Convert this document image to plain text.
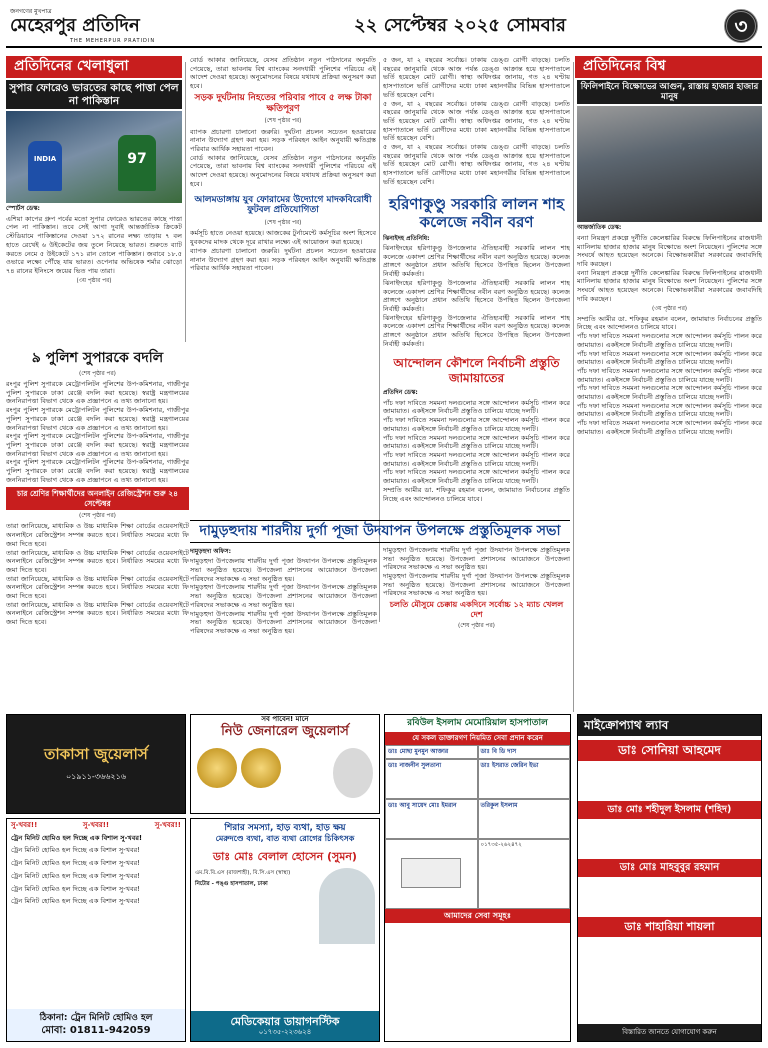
জনগণের মুখপাত্র
মেহেরপুর প্রতিদিন
THE MEHERPUR PRATIDIN
২২ সেপ্টেম্বর ২০২৫ সোমবার	৩
প্রতিদিনের খেলাধুলা	প্রতিদিনের বিশ্ব
সুপার ফোরেও ভারতের কাছে পাত্তা পেল না পাকিস্তান
INDIA	97
স্পোর্টস ডেস্ক:
এশিয়া কাপের গ্রুপ পর্বের মতো সুপার ফোরেও ভারতের কাছে পাত্তা পেল না পাকিস্তান। তবে সেই আগা দুবাই আন্তর্জাতিক ক্রিকেট স্টেডিয়ামে পাকিস্তানের দেওয়া ১৭২ রানের লক্ষ্য তাড়ায় ৭ বল হাতে রেখেই ৬ উইকেটের জয় তুলে নিয়েছে ভারত। শুরুতে ব্যাট করতে নেমে ৫ উইকেটে ১৭১ রান তোলে পাকিস্তান। জবাবে ১৮.৫ ওভারে লক্ষ্যে পৌঁছে যায় ভারত। ওপেনার অভিষেক শর্মার ঝোড়ো ৭৪ রানের ইনিংসে জয়ের ভিত পায় তারা।
(৩য় পৃষ্ঠার পর)
বোর্ড আকার জানিয়েছে, যেসব প্রতিষ্ঠান নতুন পাঠদানের অনুমতি পেয়েছে, তারা ভাবনায় বিশ্ব ব্যাংকের সনদধারী পুলিশের পরিচয়ে এই আদেশ দেওয়া হয়েছে। অনুমোদনের বিষয়ে যথাযথ প্রক্রিয়া অনুসরণ করা হবে।
সড়ক দুর্ঘটনায় নিহতের পরিবার পাবে ৫ লক্ষ টাকা ক্ষতিপূরণ
(শেষ পৃষ্ঠার পর)
ব্যাপক প্রচারণা চালানো জরুরি। দুর্ঘটনা প্রচলন সচেতন হওয়ায়ের নানান উদ্যোগ গ্রহণ করা হয়। সড়ক পরিবহন আইন অনুযায়ী ক্ষতিগ্রস্ত পরিবার আর্থিক সহায়তা পাবেন।
বোর্ড আকার জানিয়েছে, যেসব প্রতিষ্ঠান নতুন পাঠদানের অনুমতি পেয়েছে, তারা ভাবনায় বিশ্ব ব্যাংকের সনদধারী পুলিশের পরিচয়ে এই আদেশ দেওয়া হয়েছে। অনুমোদনের বিষয়ে যথাযথ প্রক্রিয়া অনুসরণ করা হবে।
আলমডাঙ্গায় যুব ফোরামের উদ্যোগে মাদকবিরোধী ফুটবল প্রতিযোগিতা
(শেষ পৃষ্ঠার পর)
কর্মসূচি হাতে নেওয়া হয়েছে। আজকের টুর্নামেন্টে কর্মসূচির অংশ হিসেবে যুবকদের মাদক থেকে দূরে রাখার লক্ষ্যে এই আয়োজন করা হয়েছে।
ব্যাপক প্রচারণা চালানো জরুরি। দুর্ঘটনা প্রচলন সচেতন হওয়ায়ের নানান উদ্যোগ গ্রহণ করা হয়। সড়ক পরিবহন আইন অনুযায়ী ক্ষতিগ্রস্ত পরিবার আর্থিক সহায়তা পাবেন।
৫ জন, যা ২ বছরের সর্বোচ্চ। ঢাকায় ডেঙ্গু রোগী বাড়ছে। চলতি বছরের জানুয়ারি থেকে আজ পর্যন্ত ডেঙ্গু আক্রান্ত হয়ে হাসপাতালে ভর্তি হয়েছেন মোট রোগী। স্বাস্থ্য অধিদপ্তর জানায়, গত ২৪ ঘণ্টায় হাসপাতালে ভর্তি রোগীদের মধ্যে ঢাকা মহানগরীর বিভিন্ন হাসপাতালে ভর্তি হয়েছেন বেশি।
৫ জন, যা ২ বছরের সর্বোচ্চ। ঢাকায় ডেঙ্গু রোগী বাড়ছে। চলতি বছরের জানুয়ারি থেকে আজ পর্যন্ত ডেঙ্গু আক্রান্ত হয়ে হাসপাতালে ভর্তি হয়েছেন মোট রোগী। স্বাস্থ্য অধিদপ্তর জানায়, গত ২৪ ঘণ্টায় হাসপাতালে ভর্তি রোগীদের মধ্যে ঢাকা মহানগরীর বিভিন্ন হাসপাতালে ভর্তি হয়েছেন বেশি।
৫ জন, যা ২ বছরের সর্বোচ্চ। ঢাকায় ডেঙ্গু রোগী বাড়ছে। চলতি বছরের জানুয়ারি থেকে আজ পর্যন্ত ডেঙ্গু আক্রান্ত হয়ে হাসপাতালে ভর্তি হয়েছেন মোট রোগী। স্বাস্থ্য অধিদপ্তর জানায়, গত ২৪ ঘণ্টায় হাসপাতালে ভর্তি রোগীদের মধ্যে ঢাকা মহানগরীর বিভিন্ন হাসপাতালে ভর্তি হয়েছেন বেশি।
হরিণাকুণ্ডু সরকারি লালন শাহ কলেজে নবীন বরণ
ঝিনাইদহ প্রতিনিধি:
ঝিনাইদহের হরিণাকুণ্ডু উপজেলার ঐতিহ্যবাহী সরকারি লালন শাহ কলেজে একাদশ শ্রেণির শিক্ষার্থীদের নবীন বরণ অনুষ্ঠিত হয়েছে। কলেজ প্রাঙ্গণে অনুষ্ঠানে প্রধান অতিথি হিসেবে উপস্থিত ছিলেন উপজেলা নির্বাহী কর্মকর্তা।
ঝিনাইদহের হরিণাকুণ্ডু উপজেলার ঐতিহ্যবাহী সরকারি লালন শাহ কলেজে একাদশ শ্রেণির শিক্ষার্থীদের নবীন বরণ অনুষ্ঠিত হয়েছে। কলেজ প্রাঙ্গণে অনুষ্ঠানে প্রধান অতিথি হিসেবে উপস্থিত ছিলেন উপজেলা নির্বাহী কর্মকর্তা।
ঝিনাইদহের হরিণাকুণ্ডু উপজেলার ঐতিহ্যবাহী সরকারি লালন শাহ কলেজে একাদশ শ্রেণির শিক্ষার্থীদের নবীন বরণ অনুষ্ঠিত হয়েছে। কলেজ প্রাঙ্গণে অনুষ্ঠানে প্রধান অতিথি হিসেবে উপস্থিত ছিলেন উপজেলা নির্বাহী কর্মকর্তা।
আন্দোলন কৌশলে নির্বাচনী প্রস্তুতি জামায়াতের
প্রতিদিন ডেস্ক:
পাঁচ দফা দাবিতে সমমনা দলগুলোর সঙ্গে আন্দোলন কর্মসূচি পালন করে জামায়াত। একইসঙ্গে নির্বাচনী প্রস্তুতিও চালিয়ে যাচ্ছে দলটি।
পাঁচ দফা দাবিতে সমমনা দলগুলোর সঙ্গে আন্দোলন কর্মসূচি পালন করে জামায়াত। একইসঙ্গে নির্বাচনী প্রস্তুতিও চালিয়ে যাচ্ছে দলটি।
পাঁচ দফা দাবিতে সমমনা দলগুলোর সঙ্গে আন্দোলন কর্মসূচি পালন করে জামায়াত। একইসঙ্গে নির্বাচনী প্রস্তুতিও চালিয়ে যাচ্ছে দলটি।
পাঁচ দফা দাবিতে সমমনা দলগুলোর সঙ্গে আন্দোলন কর্মসূচি পালন করে জামায়াত। একইসঙ্গে নির্বাচনী প্রস্তুতিও চালিয়ে যাচ্ছে দলটি।
পাঁচ দফা দাবিতে সমমনা দলগুলোর সঙ্গে আন্দোলন কর্মসূচি পালন করে জামায়াত। একইসঙ্গে নির্বাচনী প্রস্তুতিও চালিয়ে যাচ্ছে দলটি।
সম্প্রতি আমীর ডা. শফিকুর রহমান বলেন, জামায়াত নির্বাচনের প্রস্তুতি নিচ্ছে এবং আন্দোলনও চালিয়ে যাবে।
ফিলিপাইনে বিক্ষোভের আগুন, রাস্তায় হাজার হাজার মানুষ
আন্তর্জাতিক ডেস্ক:
বন্যা নিয়ন্ত্রণ প্রকল্পে দুর্নীতি কেলেঙ্কারির বিরুদ্ধে ফিলিপাইনের রাজধানী ম্যানিলায় হাজার হাজার মানুষ বিক্ষোভে অংশ নিয়েছেন। পুলিশের সঙ্গে সংঘর্ষে আহত হয়েছেন অনেকে। বিক্ষোভকারীরা সরকারের জবাবদিহি দাবি করছেন।
বন্যা নিয়ন্ত্রণ প্রকল্পে দুর্নীতি কেলেঙ্কারির বিরুদ্ধে ফিলিপাইনের রাজধানী ম্যানিলায় হাজার হাজার মানুষ বিক্ষোভে অংশ নিয়েছেন। পুলিশের সঙ্গে সংঘর্ষে আহত হয়েছেন অনেকে। বিক্ষোভকারীরা সরকারের জবাবদিহি দাবি করছেন।
(৩য় পৃষ্ঠার পর)
সম্প্রতি আমীর ডা. শফিকুর রহমান বলেন, জামায়াত নির্বাচনের প্রস্তুতি নিচ্ছে এবং আন্দোলনও চালিয়ে যাবে।
পাঁচ দফা দাবিতে সমমনা দলগুলোর সঙ্গে আন্দোলন কর্মসূচি পালন করে জামায়াত। একইসঙ্গে নির্বাচনী প্রস্তুতিও চালিয়ে যাচ্ছে দলটি।
পাঁচ দফা দাবিতে সমমনা দলগুলোর সঙ্গে আন্দোলন কর্মসূচি পালন করে জামায়াত। একইসঙ্গে নির্বাচনী প্রস্তুতিও চালিয়ে যাচ্ছে দলটি।
পাঁচ দফা দাবিতে সমমনা দলগুলোর সঙ্গে আন্দোলন কর্মসূচি পালন করে জামায়াত। একইসঙ্গে নির্বাচনী প্রস্তুতিও চালিয়ে যাচ্ছে দলটি।
পাঁচ দফা দাবিতে সমমনা দলগুলোর সঙ্গে আন্দোলন কর্মসূচি পালন করে জামায়াত। একইসঙ্গে নির্বাচনী প্রস্তুতিও চালিয়ে যাচ্ছে দলটি।
পাঁচ দফা দাবিতে সমমনা দলগুলোর সঙ্গে আন্দোলন কর্মসূচি পালন করে জামায়াত। একইসঙ্গে নির্বাচনী প্রস্তুতিও চালিয়ে যাচ্ছে দলটি।
পাঁচ দফা দাবিতে সমমনা দলগুলোর সঙ্গে আন্দোলন কর্মসূচি পালন করে জামায়াত। একইসঙ্গে নির্বাচনী প্রস্তুতিও চালিয়ে যাচ্ছে দলটি।
৯ পুলিশ সুপারকে বদলি
(শেষ পৃষ্ঠার পর)
রংপুর পুলিশ সুপারকে মেট্রোপলিটন পুলিশের উপ-কমিশনার, গাজীপুর পুলিশ সুপারকে ঢাকা রেঞ্জে বদলি করা হয়েছে। স্বরাষ্ট্র মন্ত্রণালয়ের জননিরাপত্তা বিভাগ থেকে এক প্রজ্ঞাপনে এ তথ্য জানানো হয়।
রংপুর পুলিশ সুপারকে মেট্রোপলিটন পুলিশের উপ-কমিশনার, গাজীপুর পুলিশ সুপারকে ঢাকা রেঞ্জে বদলি করা হয়েছে। স্বরাষ্ট্র মন্ত্রণালয়ের জননিরাপত্তা বিভাগ থেকে এক প্রজ্ঞাপনে এ তথ্য জানানো হয়।
রংপুর পুলিশ সুপারকে মেট্রোপলিটন পুলিশের উপ-কমিশনার, গাজীপুর পুলিশ সুপারকে ঢাকা রেঞ্জে বদলি করা হয়েছে। স্বরাষ্ট্র মন্ত্রণালয়ের জননিরাপত্তা বিভাগ থেকে এক প্রজ্ঞাপনে এ তথ্য জানানো হয়।
রংপুর পুলিশ সুপারকে মেট্রোপলিটন পুলিশের উপ-কমিশনার, গাজীপুর পুলিশ সুপারকে ঢাকা রেঞ্জে বদলি করা হয়েছে। স্বরাষ্ট্র মন্ত্রণালয়ের জননিরাপত্তা বিভাগ থেকে এক প্রজ্ঞাপনে এ তথ্য জানানো হয়।
চার শ্রেণির শিক্ষার্থীদের অনলাইন রেজিস্ট্রেশন শুরু ২৪ সেপ্টেম্বর
(শেষ পৃষ্ঠার পর)
তারা জানিয়েছে, মাধ্যমিক ও উচ্চ মাধ্যমিক শিক্ষা বোর্ডের ওয়েবসাইটে অনলাইনে রেজিস্ট্রেশন সম্পন্ন করতে হবে। নির্ধারিত সময়ের মধ্যে ফি জমা দিতে হবে।
তারা জানিয়েছে, মাধ্যমিক ও উচ্চ মাধ্যমিক শিক্ষা বোর্ডের ওয়েবসাইটে অনলাইনে রেজিস্ট্রেশন সম্পন্ন করতে হবে। নির্ধারিত সময়ের মধ্যে ফি জমা দিতে হবে।
তারা জানিয়েছে, মাধ্যমিক ও উচ্চ মাধ্যমিক শিক্ষা বোর্ডের ওয়েবসাইটে অনলাইনে রেজিস্ট্রেশন সম্পন্ন করতে হবে। নির্ধারিত সময়ের মধ্যে ফি জমা দিতে হবে।
তারা জানিয়েছে, মাধ্যমিক ও উচ্চ মাধ্যমিক শিক্ষা বোর্ডের ওয়েবসাইটে অনলাইনে রেজিস্ট্রেশন সম্পন্ন করতে হবে। নির্ধারিত সময়ের মধ্যে ফি জমা দিতে হবে।
দামুড়হুদায় শারদীয় দুর্গা পূজা উদযাপন উপলক্ষে প্রস্তুতিমূলক সভা
দামুড়হুদা অফিস:
দামুড়হুদা উপজেলায় শারদীয় দুর্গা পূজা উদযাপন উপলক্ষে প্রস্তুতিমূলক সভা অনুষ্ঠিত হয়েছে। উপজেলা প্রশাসনের আয়োজনে উপজেলা পরিষদের সভাকক্ষে এ সভা অনুষ্ঠিত হয়।
দামুড়হুদা উপজেলায় শারদীয় দুর্গা পূজা উদযাপন উপলক্ষে প্রস্তুতিমূলক সভা অনুষ্ঠিত হয়েছে। উপজেলা প্রশাসনের আয়োজনে উপজেলা পরিষদের সভাকক্ষে এ সভা অনুষ্ঠিত হয়।
দামুড়হুদা উপজেলায় শারদীয় দুর্গা পূজা উদযাপন উপলক্ষে প্রস্তুতিমূলক সভা অনুষ্ঠিত হয়েছে। উপজেলা প্রশাসনের আয়োজনে উপজেলা পরিষদের সভাকক্ষে এ সভা অনুষ্ঠিত হয়।
দামুড়হুদা উপজেলায় শারদীয় দুর্গা পূজা উদযাপন উপলক্ষে প্রস্তুতিমূলক সভা অনুষ্ঠিত হয়েছে। উপজেলা প্রশাসনের আয়োজনে উপজেলা পরিষদের সভাকক্ষে এ সভা অনুষ্ঠিত হয়।
দামুড়হুদা উপজেলায় শারদীয় দুর্গা পূজা উদযাপন উপলক্ষে প্রস্তুতিমূলক সভা অনুষ্ঠিত হয়েছে। উপজেলা প্রশাসনের আয়োজনে উপজেলা পরিষদের সভাকক্ষে এ সভা অনুষ্ঠিত হয়।
চলতি মৌসুমে চেক্কায় একদিনে সর্বোচ্চ ১২ ম্যাচ খেলল দেশ
(শেষ পৃষ্ঠার পর)
তাকাসা জুয়েলার্স
০১৯১১-৩৬৬২১৬
সব পাবেন! মানে
নিউ জেনারেল জুয়েলার্স
সু-খবর!!	সু-খবর!!	সু-খবর!!
ট্রেন মিনিট হোমিও হল দিচ্ছে এক বিশাল সু-খবর!
ট্রেন মিনিট হোমিও হল দিচ্ছে এক বিশাল সু-খবর!
ট্রেন মিনিট হোমিও হল দিচ্ছে এক বিশাল সু-খবর!
ট্রেন মিনিট হোমিও হল দিচ্ছে এক বিশাল সু-খবর!
ট্রেন মিনিট হোমিও হল দিচ্ছে এক বিশাল সু-খবর!
ট্রেন মিনিট হোমিও হল দিচ্ছে এক বিশাল সু-খবর!
ঠিকানা: ট্রেন মিনিট হোমিও হল
মোবা: 01811-942059
শিরার সমস্যা, হাড় ব্যথা, হাড় ক্ষয়
মেরুদণ্ডে ব্যথা, বাত ব্যথা রোগের চিকিৎসক
ডাঃ মোঃ বেলাল হোসেন (সুমন)
এম.বি.বি.এস (রাজশাহী), বি.সি.এস (স্বাস্থ্য)
নিটোর - পঙ্গু হাসপাতাল, ঢাকা
মেডিকেয়ার ডায়াগনস্টিক
০১৭৩৫-২২৩৬২৪
রবিউল ইসলাম মেমোরিয়াল হাসপাতাল
যে সকল ডাক্তারগণ নিয়মিত সেবা প্রদান করেন
ডাঃ মোছা মুনমুন আক্তার	ডাঃ বি ডি দাস
ডাঃ নাজনীন সুলতানা	ডাঃ ইসরাত জেরিন ইভা
ডাঃ আবু সায়েদ মোঃ ইমরান	তরিকুল ইসলাম
০১৭৩৫-২৬২৪৭২
আমাদের সেবা সমূহঃ
মাইক্রোপ্যাথ ল্যাব
ডাঃ সোনিয়া আহমেদ
ডাঃ মোঃ শহীদুল ইসলাম (শহিদ)
ডাঃ মোঃ মাহবুবুর রহমান
ডাঃ শাহারিয়া শায়লা
বিস্তারিত জানতে যোগাযোগ করুন
